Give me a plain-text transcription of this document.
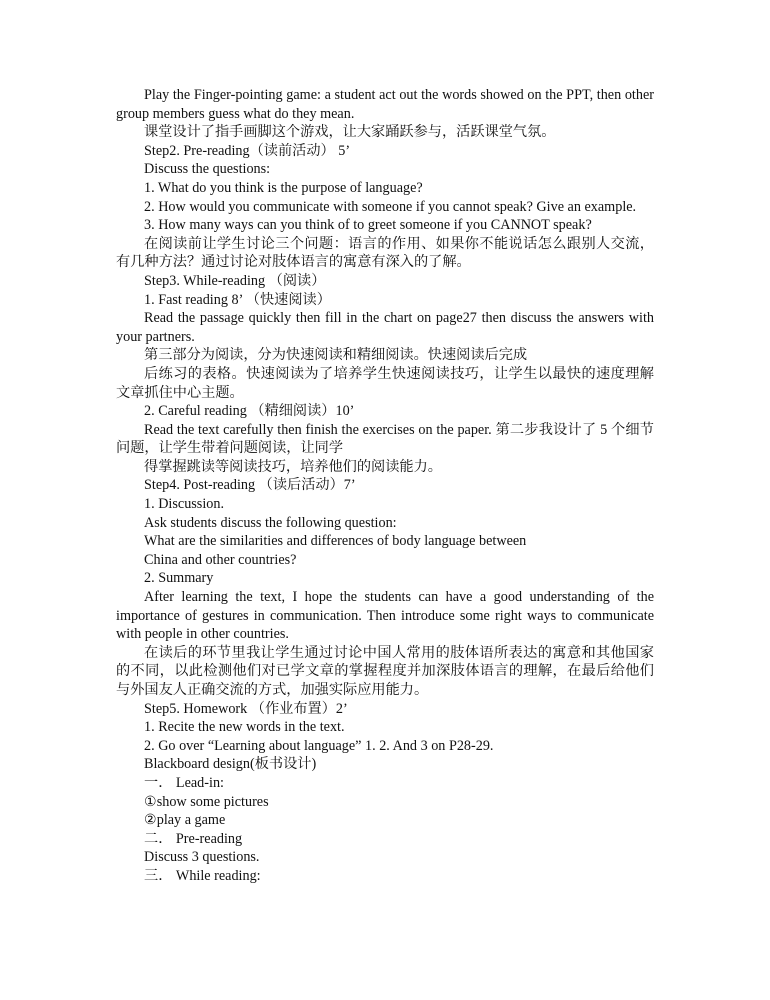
Play the Finger-pointing game: a student act out the words showed on the PPT, then other group members guess what do they mean.

课堂设计了指手画脚这个游戏，让大家踊跃参与，活跃课堂气氛。

Step2. Pre-reading（读前活动） 5’

Discuss the questions:

1. What do you think is the purpose of language?

2. How would you communicate with someone if you cannot speak? Give an example.

3. How many ways can you think of to greet someone if you CANNOT speak?

在阅读前让学生讨论三个问题：语言的作用、如果你不能说话怎么跟别人交流，有几种方法？通过讨论对肢体语言的寓意有深入的了解。

Step3. While-reading （阅读）

1. Fast reading 8’ （快速阅读）

Read the passage quickly then fill in the chart on page27 then discuss the answers with your partners.

第三部分为阅读，分为快速阅读和精细阅读。快速阅读后完成

后练习的表格。快速阅读为了培养学生快速阅读技巧，让学生以最快的速度理解文章抓住中心主题。

2. Careful reading （精细阅读）10’

Read the text carefully then finish the exercises on the paper. 第二步我设计了 5 个细节问题，让学生带着问题阅读，让同学

得掌握跳读等阅读技巧，培养他们的阅读能力。

Step4. Post-reading （读后活动）7’

1. Discussion.

Ask students discuss the following question:

What are the similarities and differences of body language between

China and other countries?

2. Summary

After learning the text, I hope the students can have a good understanding of the importance of gestures in communication. Then introduce some right ways to communicate with people in other countries.

在读后的环节里我让学生通过讨论中国人常用的肢体语所表达的寓意和其他国家的不同，以此检测他们对已学文章的掌握程度并加深肢体语言的理解，在最后给他们与外国友人正确交流的方式，加强实际应用能力。

Step5. Homework （作业布置）2’

1. Recite the new words in the text.

2. Go over “Learning about language” 1. 2. And 3 on P28-29.

Blackboard design(板书设计)

一． Lead-in:

①show some pictures

②play a game

二． Pre-reading

Discuss 3 questions.

三． While reading:
